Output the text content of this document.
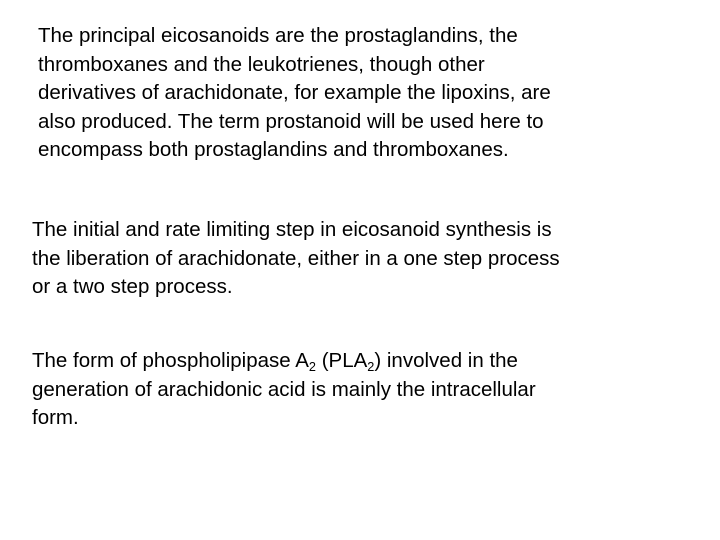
The principal eicosanoids are the prostaglandins, the
thromboxanes and the leukotrienes, though other
derivatives of arachidonate, for example the lipoxins, are
also produced. The term prostanoid will be used here to
encompass both prostaglandins and thromboxanes.

The initial and rate limiting step in eicosanoid synthesis is
the liberation of arachidonate, either in a one step process
or a two step process.

The form of phospholipipase $A_2$ $(PLA_2)$ involved in the
generation of arachidonic acid is mainly the intracellular
form.
